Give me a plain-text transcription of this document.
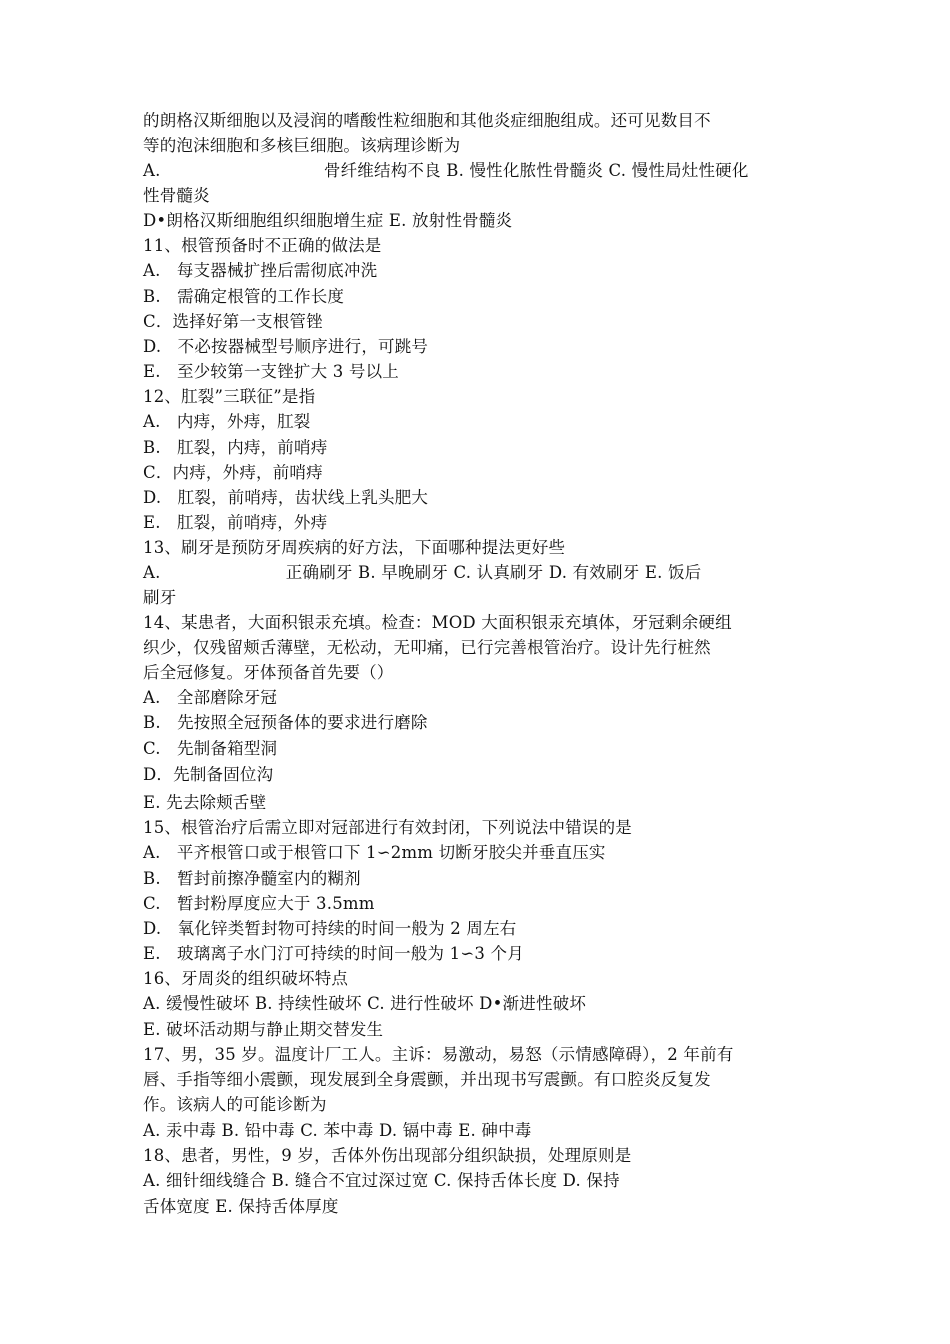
的朗格汉斯细胞以及浸润的嗜酸性粒细胞和其他炎症细胞组成。还可见数目不
等的泡沫细胞和多核巨细胞。该病理诊断为
A.                              骨纤维结构不良 B. 慢性化脓性骨髓炎 C. 慢性局灶性硬化
性骨髓炎
D•朗格汉斯细胞组织细胞增生症 E. 放射性骨髓炎
11、根管预备时不正确的做法是
A.   每支器械扩挫后需彻底冲洗
B.   需确定根管的工作长度
C．选择好第一支根管锉
D.   不必按器械型号顺序进行，可跳号
E.   至少较第一支锉扩大 3 号以上
12、肛裂”三联征”是指
A.   内痔，外痔，肛裂
B.   肛裂，内痔，前哨痔
C．内痔，外痔，前哨痔
D.   肛裂，前哨痔，齿状线上乳头肥大
E.   肛裂，前哨痔，外痔
13、刷牙是预防牙周疾病的好方法，下面哪种提法更好些
A.                       正确刷牙 B. 早晚刷牙 C. 认真刷牙 D. 有效刷牙 E. 饭后
刷牙
14、某患者，大面积银汞充填。检查：MOD 大面积银汞充填体，牙冠剩余硬组
织少，仅残留颊舌薄壁，无松动，无叩痛，已行完善根管治疗。设计先行桩然
后全冠修复。牙体预备首先要（）
A.   全部磨除牙冠
B.   先按照全冠预备体的要求进行磨除
C.   先制备箱型洞
D．先制备固位沟
E. 先去除颊舌壁
15、根管治疗后需立即对冠部进行有效封闭，下列说法中错误的是
A.   平齐根管口或于根管口下 1∽2mm 切断牙胶尖并垂直压实
B.   暂封前擦净髓室内的糊剂
C.   暂封粉厚度应大于 3.5mm
D.   氧化锌类暂封物可持续的时间一般为 2 周左右
E.   玻璃离子水门汀可持续的时间一般为 1∽3 个月
16、牙周炎的组织破坏特点
A. 缓慢性破坏 B. 持续性破坏 C. 进行性破坏 D•渐进性破坏
E. 破坏活动期与静止期交替发生
17、男，35 岁。温度计厂工人。主诉：易激动，易怒（示情感障碍），2 年前有
唇、手指等细小震颤，现发展到全身震颤，并出现书写震颤。有口腔炎反复发
作。该病人的可能诊断为
A. 汞中毒 B. 铅中毒 C. 苯中毒 D. 镉中毒 E. 砷中毒
18、患者，男性，9 岁，舌体外伤出现部分组织缺损，处理原则是
A. 细针细线缝合 B. 缝合不宜过深过宽 C. 保持舌体长度 D. 保持
舌体宽度 E. 保持舌体厚度
